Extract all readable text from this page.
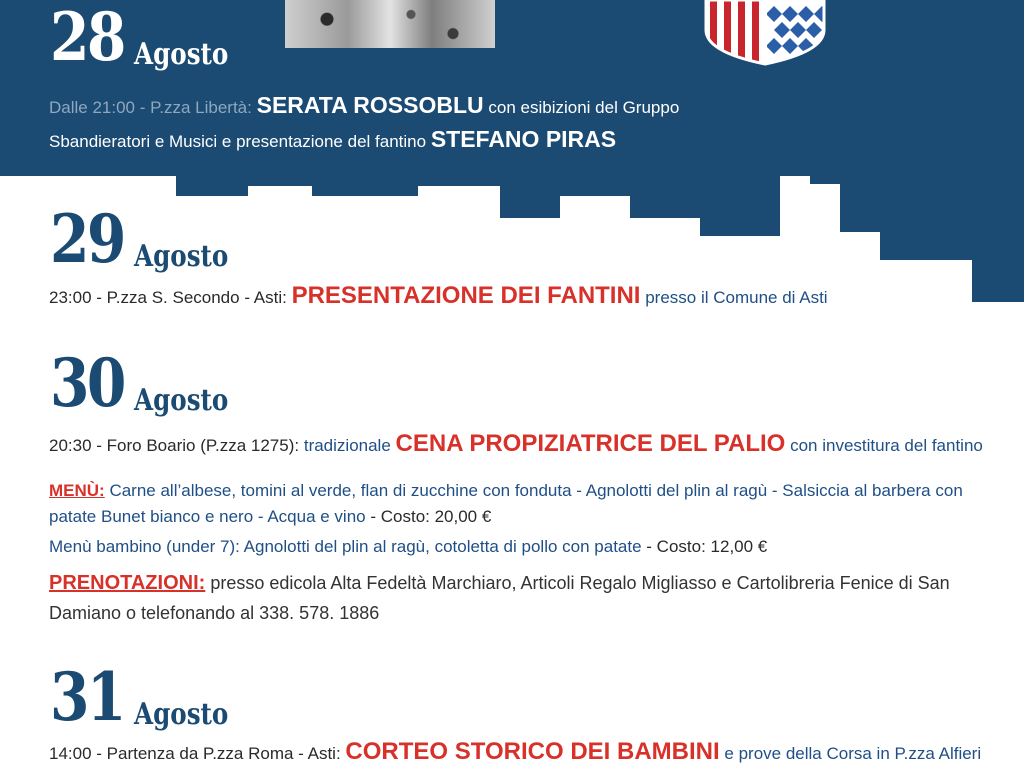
28 Agosto
Dalle 21:00 - P.zza Libertà: SERATA ROSSOBLU con esibizioni del Gruppo
Sbandieratori e Musici e presentazione del fantino STEFANO PIRAS
29 Agosto
23:00 - P.zza S. Secondo - Asti: PRESENTAZIONE DEI FANTINI presso il Comune di Asti
30 Agosto
20:30 - Foro Boario (P.zza 1275): tradizionale CENA PROPIZIATRICE DEL PALIO con investitura del fantino
MENÙ: Carne all’albese, tomini al verde, flan di zucchine con fonduta - Agnolotti del plin al ragù - Salsiccia al barbera con patate Bunet bianco e nero - Acqua e vino - Costo: 20,00 €
Menù bambino (under 7): Agnolotti del plin al ragù, cotoletta di pollo con patate - Costo: 12,00 €
PRENOTAZIONI: presso edicola Alta Fedeltà Marchiaro, Articoli Regalo Migliasso e Cartolibreria Fenice di San Damiano o telefonando al 338. 578. 1886
31 Agosto
14:00 - Partenza da P.zza Roma - Asti: CORTEO STORICO DEI BAMBINI e prove della Corsa in P.zza Alfieri
